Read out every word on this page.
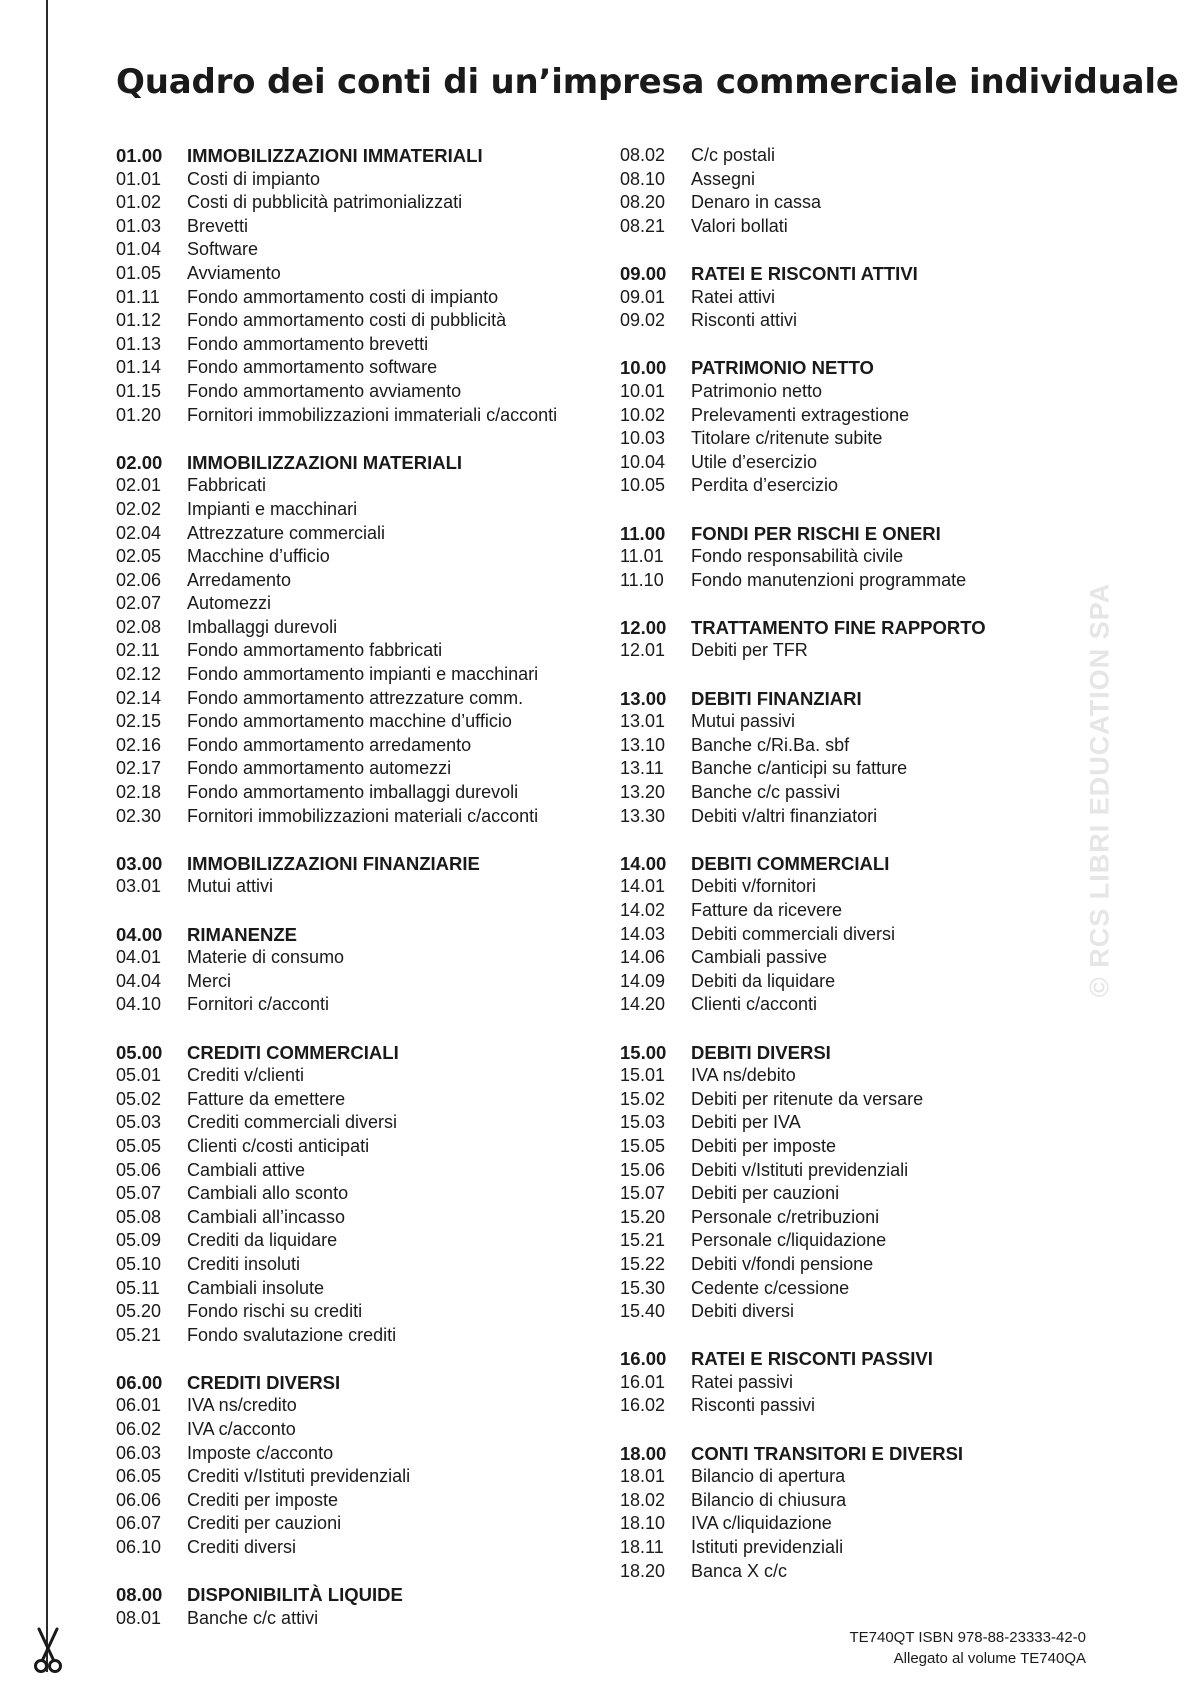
Quadro dei conti di un’impresa commerciale individuale
01.00	IMMOBILIZZAZIONI IMMATERIALI
01.01	Costi di impianto
01.02	Costi di pubblicità patrimonializzati
01.03	Brevetti
01.04	Software
01.05	Avviamento
01.11	Fondo ammortamento costi di impianto
01.12	Fondo ammortamento costi di pubblicità
01.13	Fondo ammortamento brevetti
01.14	Fondo ammortamento software
01.15	Fondo ammortamento avviamento
01.20	Fornitori immobilizzazioni immateriali c/acconti
02.00	IMMOBILIZZAZIONI MATERIALI
02.01	Fabbricati
02.02	Impianti e macchinari
02.04	Attrezzature commerciali
02.05	Macchine d’ufficio
02.06	Arredamento
02.07	Automezzi
02.08	Imballaggi durevoli
02.11	Fondo ammortamento fabbricati
02.12	Fondo ammortamento impianti e macchinari
02.14	Fondo ammortamento attrezzature comm.
02.15	Fondo ammortamento macchine d’ufficio
02.16	Fondo ammortamento arredamento
02.17	Fondo ammortamento automezzi
02.18	Fondo ammortamento imballaggi durevoli
02.30	Fornitori immobilizzazioni materiali c/acconti
03.00	IMMOBILIZZAZIONI FINANZIARIE
03.01	Mutui attivi
04.00	RIMANENZE
04.01	Materie di consumo
04.04	Merci
04.10	Fornitori c/acconti
05.00	CREDITI COMMERCIALI
05.01	Crediti v/clienti
05.02	Fatture da emettere
05.03	Crediti commerciali diversi
05.05	Clienti c/costi anticipati
05.06	Cambiali attive
05.07	Cambiali allo sconto
05.08	Cambiali all’incasso
05.09	Crediti da liquidare
05.10	Crediti insoluti
05.11	Cambiali insolute
05.20	Fondo rischi su crediti
05.21	Fondo svalutazione crediti
06.00	CREDITI DIVERSI
06.01	IVA ns/credito
06.02	IVA c/acconto
06.03	Imposte c/acconto
06.05	Crediti v/Istituti previdenziali
06.06	Crediti per imposte
06.07	Crediti per cauzioni
06.10	Crediti diversi
08.00	DISPONIBILITÀ LIQUIDE
08.01	Banche c/c attivi
08.02	C/c postali
08.10	Assegni
08.20	Denaro in cassa
08.21	Valori bollati
09.00	RATEI E RISCONTI ATTIVI
09.01	Ratei attivi
09.02	Risconti attivi
10.00	PATRIMONIO NETTO
10.01	Patrimonio netto
10.02	Prelevamenti extragestione
10.03	Titolare c/ritenute subite
10.04	Utile d’esercizio
10.05	Perdita d’esercizio
11.00	FONDI PER RISCHI E ONERI
11.01	Fondo responsabilità civile
11.10	Fondo manutenzioni programmate
12.00	TRATTAMENTO FINE RAPPORTO
12.01	Debiti per TFR
13.00	DEBITI FINANZIARI
13.01	Mutui passivi
13.10	Banche c/Ri.Ba. sbf
13.11	Banche c/anticipi su fatture
13.20	Banche c/c passivi
13.30	Debiti v/altri finanziatori
14.00	DEBITI COMMERCIALI
14.01	Debiti v/fornitori
14.02	Fatture da ricevere
14.03	Debiti commerciali diversi
14.06	Cambiali passive
14.09	Debiti da liquidare
14.20	Clienti c/acconti
15.00	DEBITI DIVERSI
15.01	IVA ns/debito
15.02	Debiti per ritenute da versare
15.03	Debiti per IVA
15.05	Debiti per imposte
15.06	Debiti v/Istituti previdenziali
15.07	Debiti per cauzioni
15.20	Personale c/retribuzioni
15.21	Personale c/liquidazione
15.22	Debiti v/fondi pensione
15.30	Cedente c/cessione
15.40	Debiti diversi
16.00	RATEI E RISCONTI PASSIVI
16.01	Ratei passivi
16.02	Risconti passivi
18.00	CONTI TRANSITORI E DIVERSI
18.01	Bilancio di apertura
18.02	Bilancio di chiusura
18.10	IVA c/liquidazione
18.11	Istituti previdenziali
18.20	Banca X c/c
© RCS LIBRI EDUCATION SPA
TE740QT ISBN 978-88-23333-42-0
Allegato al volume TE740QA
